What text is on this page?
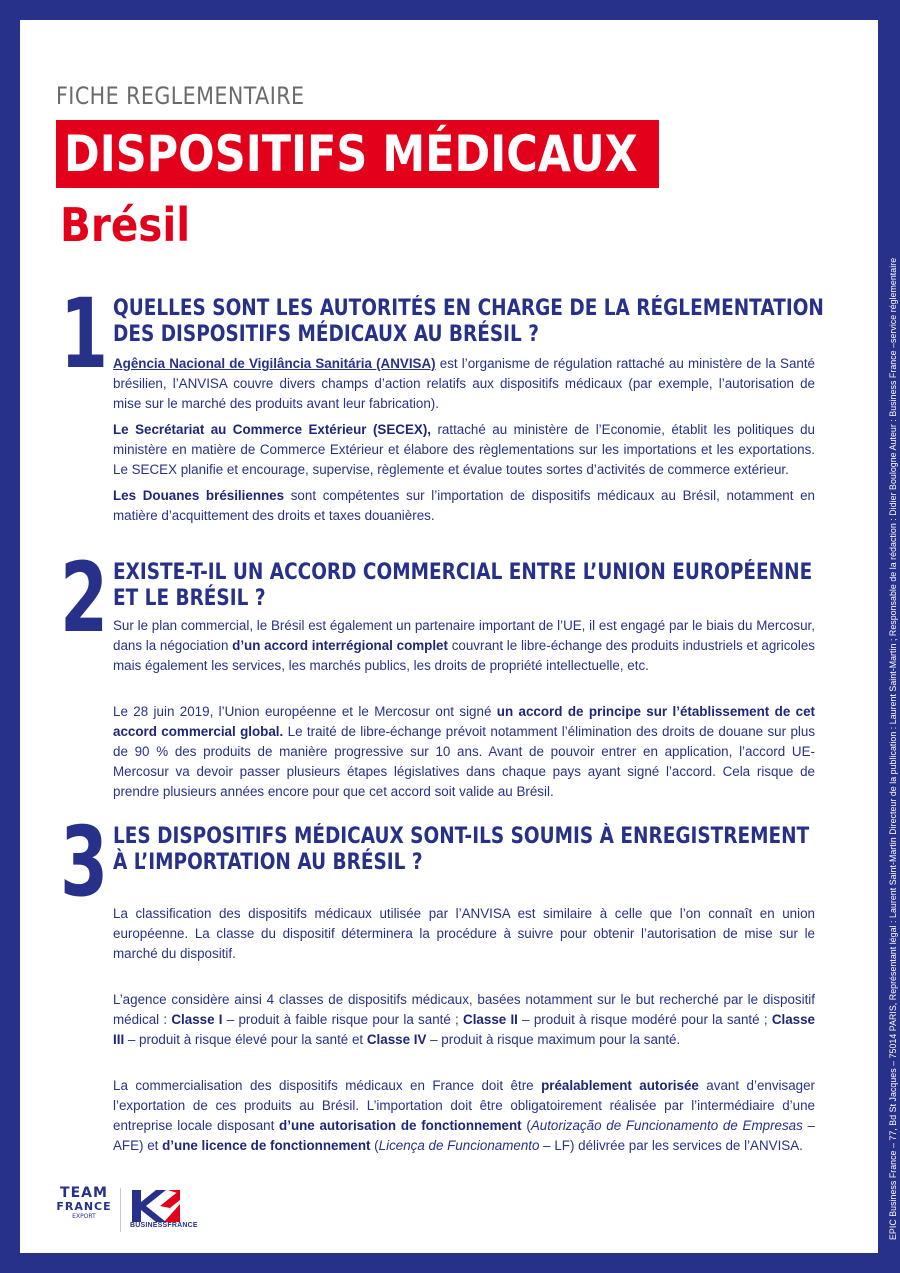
FICHE REGLEMENTAIRE
DISPOSITIFS MÉDICAUX
Brésil
1 QUELLES SONT LES AUTORITÉS EN CHARGE DE LA RÉGLEMENTATION
DES DISPOSITIFS MÉDICAUX AU BRÉSIL ?

Agência Nacional de Vigilância Sanitária (ANVISA) est l’organisme de régulation rattaché au ministère de la Santé brésilien, l’ANVISA couvre divers champs d’action relatifs aux dispositifs médicaux (par exemple, l’autorisation de mise sur le marché des produits avant leur fabrication).

Le Secrétariat au Commerce Extérieur (SECEX), rattaché au ministère de l’Economie, établit les politiques du ministère en matière de Commerce Extérieur et élabore des règlementations sur les importations et les exportations. Le SECEX planifie et encourage, supervise, règlemente et évalue toutes sortes d’activités de commerce extérieur.

Les Douanes brésiliennes sont compétentes sur l’importation de dispositifs médicaux au Brésil, notamment en matière d’acquittement des droits et taxes douanières.

2 EXISTE-T-IL UN ACCORD COMMERCIAL ENTRE L’UNION EUROPÉENNE
ET LE BRÉSIL ?

Sur le plan commercial, le Brésil est également un partenaire important de l’UE, il est engagé par le biais du Mercosur, dans la négociation d’un accord interrégional complet couvrant le libre-échange des produits industriels et agricoles mais également les services, les marchés publics, les droits de propriété intellectuelle, etc.

Le 28 juin 2019, l’Union européenne et le Mercosur ont signé un accord de principe sur l’établissement de cet accord commercial global. Le traité de libre-échange prévoit notamment l’élimination des droits de douane sur plus de 90 % des produits de manière progressive sur 10 ans. Avant de pouvoir entrer en application, l’accord UE-Mercosur va devoir passer plusieurs étapes législatives dans chaque pays ayant signé l’accord. Cela risque de prendre plusieurs années encore pour que cet accord soit valide au Brésil.

3 LES DISPOSITIFS MÉDICAUX SONT-ILS SOUMIS À ENREGISTREMENT
À L’IMPORTATION AU BRÉSIL ?

La classification des dispositifs médicaux utilisée par l’ANVISA est similaire à celle que l’on connaît en union européenne. La classe du dispositif déterminera la procédure à suivre pour obtenir l’autorisation de mise sur le marché du dispositif.

L’agence considère ainsi 4 classes de dispositifs médicaux, basées notamment sur le but recherché par le dispositif médical : Classe I – produit à faible risque pour la santé ; Classe II – produit à risque modéré pour la santé ; Classe III – produit à risque élevé pour la santé et Classe IV – produit à risque maximum pour la santé.

La commercialisation des dispositifs médicaux en France doit être préalablement autorisée avant d’envisager l’exportation de ces produits au Brésil. L’importation doit être obligatoirement réalisée par l’intermédiaire d’une entreprise locale disposant d’une autorisation de fonctionnement (Autorização de Funcionamento de Empresas – AFE) et d’une licence de fonctionnement (Licença de Funcionamento – LF) délivrée par les services de l’ANVISA.

TEAM
FRANCE
EXPORT
BUSINESSFRANCE	EPIC Business France – 77, Bd St Jacques – 75014 PARIS, Représentant légal : Laurent Saint-Martin Directeur de la publication : Laurent Saint-Martin ; Responsable de la rédaction : Didier Boulogne Auteur : Business France –service réglementaire
